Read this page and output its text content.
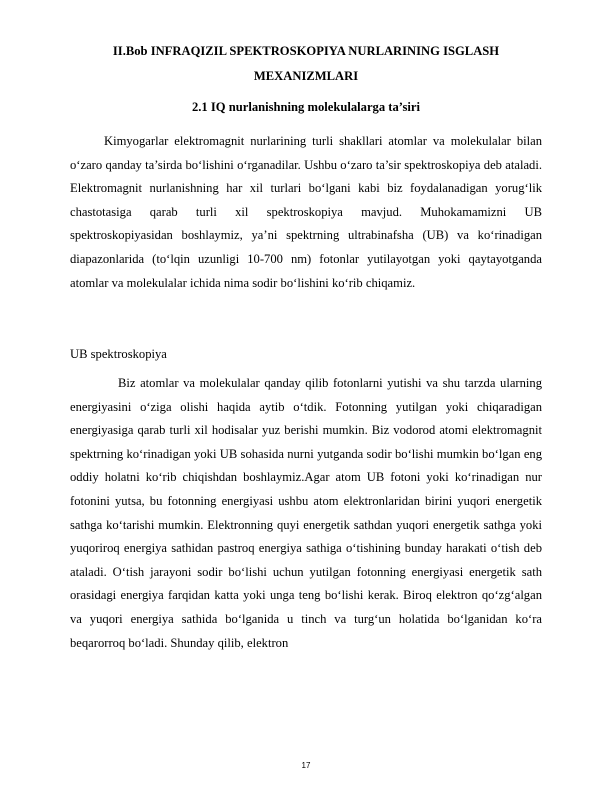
II.Bob INFRAQIZIL SPEKTROSKOPIYA NURLARINING ISGLASH MEXANIZMLARI
2.1 IQ nurlanishning molekulalarga ta’siri

Kimyogarlar elektromagnit nurlarining turli shakllari atomlar va molekulalar bilan o‘zaro qanday ta’sirda bo‘lishini o‘rganadilar. Ushbu o‘zaro ta’sir spektroskopiya deb ataladi. Elektromagnit nurlanishning har xil turlari bo‘lgani kabi biz foydalanadigan yorug‘lik chastotasiga qarab turli xil spektroskopiya mavjud. Muhokamamizni UB spektroskopiyasidan boshlaymiz, ya’ni spektrning ultrabinafsha (UB) va ko‘rinadigan diapazonlarida (to‘lqin uzunligi 10-700 nm) fotonlar yutilayotgan yoki qaytayotganda atomlar va molekulalar ichida nima sodir bo‘lishini ko‘rib chiqamiz.

UB spektroskopiya

Biz atomlar va molekulalar qanday qilib fotonlarni yutishi va shu tarzda ularning energiyasini o‘ziga olishi haqida aytib o‘tdik. Fotonning yutilgan yoki chiqaradigan energiyasiga qarab turli xil hodisalar yuz berishi mumkin. Biz vodorod atomi elektromagnit spektrning ko‘rinadigan yoki UB sohasida nurni yutganda sodir bo‘lishi mumkin bo‘lgan eng oddiy holatni ko‘rib chiqishdan boshlaymiz.Agar atom UB fotoni yoki ko‘rinadigan nur fotonini yutsa, bu fotonning energiyasi ushbu atom elektronlaridan birini yuqori energetik sathga ko‘tarishi mumkin. Elektronning quyi energetik sathdan yuqori energetik sathga yoki yuqoriroq energiya sathidan pastroq energiya sathiga o‘tishining bunday harakati o‘tish deb ataladi. O‘tish jarayoni sodir bo‘lishi uchun yutilgan fotonning energiyasi energetik sath orasidagi energiya farqidan katta yoki unga teng bo‘lishi kerak. Biroq elektron qo‘zg‘algan va yuqori energiya sathida bo‘lganida u tinch va turg‘un holatida bo‘lganidan ko‘ra beqarorroq bo‘ladi. Shunday qilib, elektron

17
